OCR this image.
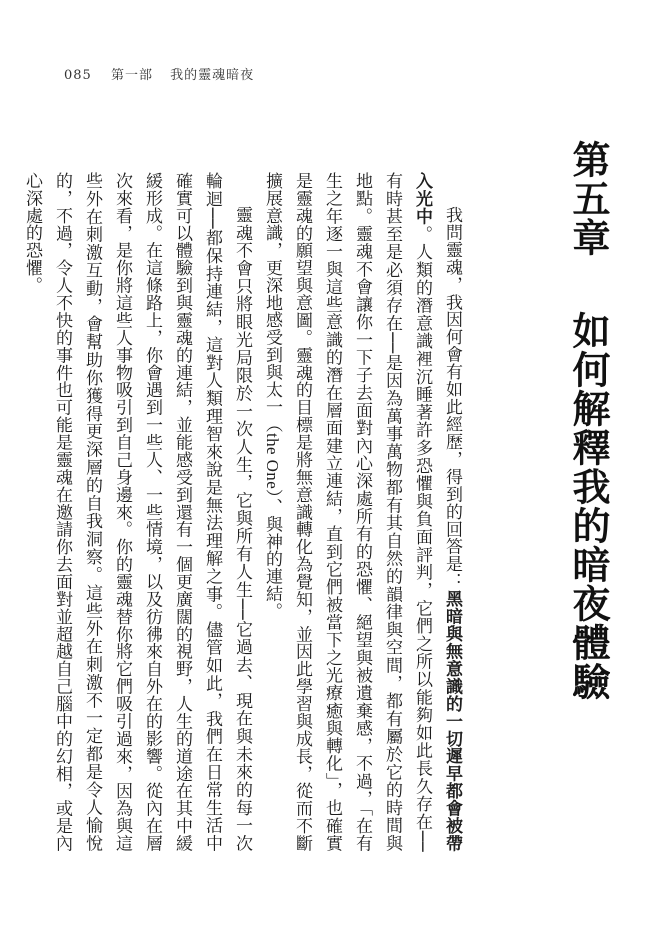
085 第一部 我的靈魂暗夜
第五章 如何解釋我的暗夜體驗

我問靈魂，我因何會有如此經歷，得到的回答是：黑暗與無意識的一切遲早都會被帶入光中。人類的潛意識裡沉睡著許多恐懼與負面評判，它們之所以能夠如此長久存在──有時甚至是必須存在──是因為萬事萬物都有其自然的韻律與空間，都有屬於它的時間與地點。靈魂不會讓你一下子去面對內心深處所有的恐懼、絕望與被遺棄感，不過，「在有生之年逐一與這些意識的潛在層面建立連結，直到它們被當下之光療癒與轉化」，也確實是靈魂的願望與意圖。靈魂的目標是將無意識轉化為覺知，並因此學習與成長，從而不斷擴展意識，更深地感受到與太一（the One）、與神的連結。

靈魂不會只將眼光局限於一次人生，它與所有人生──它過去、現在與未來的每一次輪迴──都保持連結，這對人類理智來說是無法理解之事。儘管如此，我們在日常生活中確實可以體驗到與靈魂的連結，並能感受到還有一個更廣闊的視野，人生的道途在其中緩緩形成。在這條路上，你會遇到一些人、一些情境，以及彷彿來自外在的影響。從內在層次來看，是你將這些人事物吸引到自己身邊來。你的靈魂替你將它們吸引過來，因為與這些外在刺激互動，會幫助你獲得更深層的自我洞察。這些外在刺激不一定都是令人愉悅的，不過，令人不快的事件也可能是靈魂在邀請你去面對並超越自己腦中的幻相，或是內心深處的恐懼。
